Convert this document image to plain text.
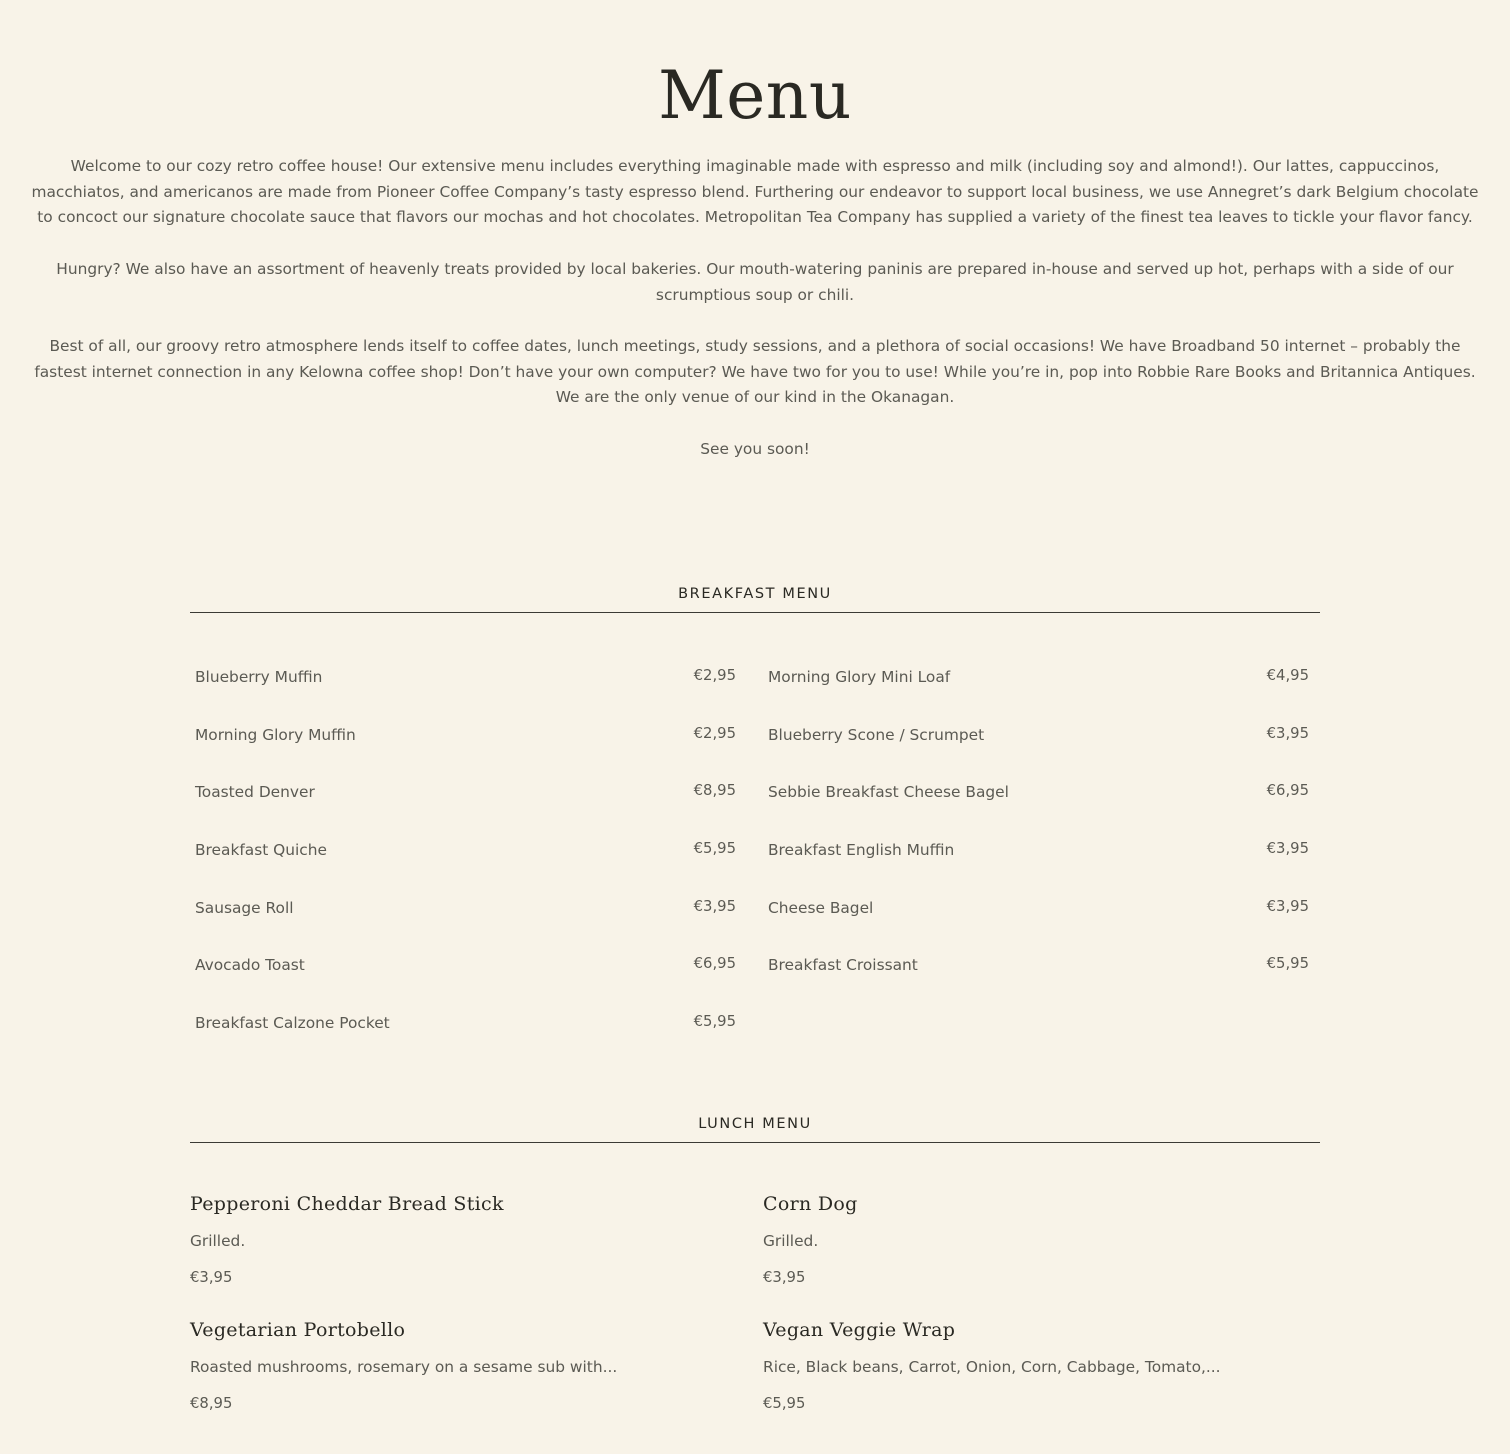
Menu

Welcome to our cozy retro coffee house! Our extensive menu includes everything imaginable made with espresso and milk (including soy and almond!). Our lattes, cappuccinos, macchiatos, and americanos are made from Pioneer Coffee Company’s tasty espresso blend. Furthering our endeavor to support local business, we use Annegret’s dark Belgium chocolate to concoct our signature chocolate sauce that flavors our mochas and hot chocolates. Metropolitan Tea Company has supplied a variety of the finest tea leaves to tickle your flavor fancy.

Hungry? We also have an assortment of heavenly treats provided by local bakeries. Our mouth-watering paninis are prepared in-house and served up hot, perhaps with a side of our scrumptious soup or chili.

Best of all, our groovy retro atmosphere lends itself to coffee dates, lunch meetings, study sessions, and a plethora of social occasions! We have Broadband 50 internet – probably the fastest internet connection in any Kelowna coffee shop! Don’t have your own computer? We have two for you to use! While you’re in, pop into Robbie Rare Books and Britannica Antiques. We are the only venue of our kind in the Okanagan.

See you soon!

BREAKFAST MENU
Blueberry Muffin	€2,95
Morning Glory Muffin	€2,95
Toasted Denver	€8,95
Breakfast Quiche	€5,95
Sausage Roll	€3,95
Avocado Toast	€6,95
Breakfast Calzone Pocket	€5,95
Morning Glory Mini Loaf	€4,95
Blueberry Scone / Scrumpet	€3,95
Sebbie Breakfast Cheese Bagel	€6,95
Breakfast English Muffin	€3,95
Cheese Bagel	€3,95
Breakfast Croissant	€5,95
LUNCH MENU
Pepperoni Cheddar Bread Stick
Grilled.
€3,95
Vegetarian Portobello
Roasted mushrooms, rosemary on a sesame sub with...
€8,95
Corn Dog
Grilled.
€3,95
Vegan Veggie Wrap
Rice, Black beans, Carrot, Onion, Corn, Cabbage, Tomato,...
€5,95
